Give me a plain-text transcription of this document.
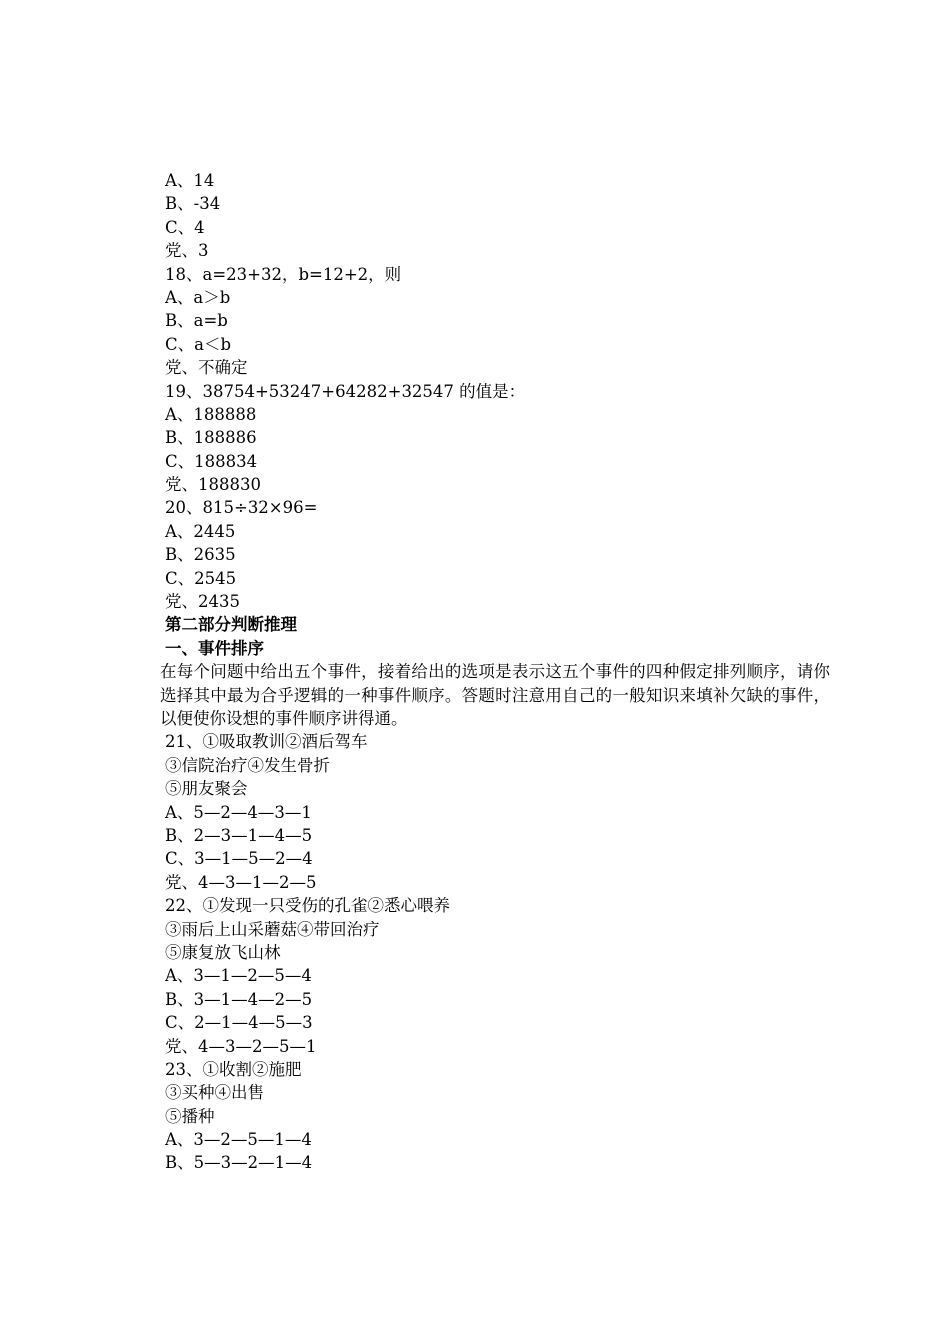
A、14
B、-34
C、4
党、3
18、a=23+32，b=12+2，则
A、a＞b
B、a=b
C、a＜b
党、不确定
19、38754+53247+64282+32547 的值是：
A、188888
B、188886
C、188834
党、188830
20、815÷32×96=
A、2445
B、2635
C、2545
党、2435
第二部分判断推理
一、事件排序
在每个问题中给出五个事件，接着给出的选项是表示这五个事件的四种假定排列顺序，请你选择其中最为合乎逻辑的一种事件顺序。答题时注意用自己的一般知识来填补欠缺的事件，以便使你设想的事件顺序讲得通。
21、①吸取教训②酒后驾车
③信院治疗④发生骨折
⑤朋友聚会
A、5—2—4—3—1
B、2—3—1—4—5
C、3—1—5—2—4
党、4—3—1—2—5
22、①发现一只受伤的孔雀②悉心喂养
③雨后上山采蘑菇④带回治疗
⑤康复放飞山林
A、3—1—2—5—4
B、3—1—4—2—5
C、2—1—4—5—3
党、4—3—2—5—1
23、①收割②施肥
③买种④出售
⑤播种
A、3—2—5—1—4
B、5—3—2—1—4
